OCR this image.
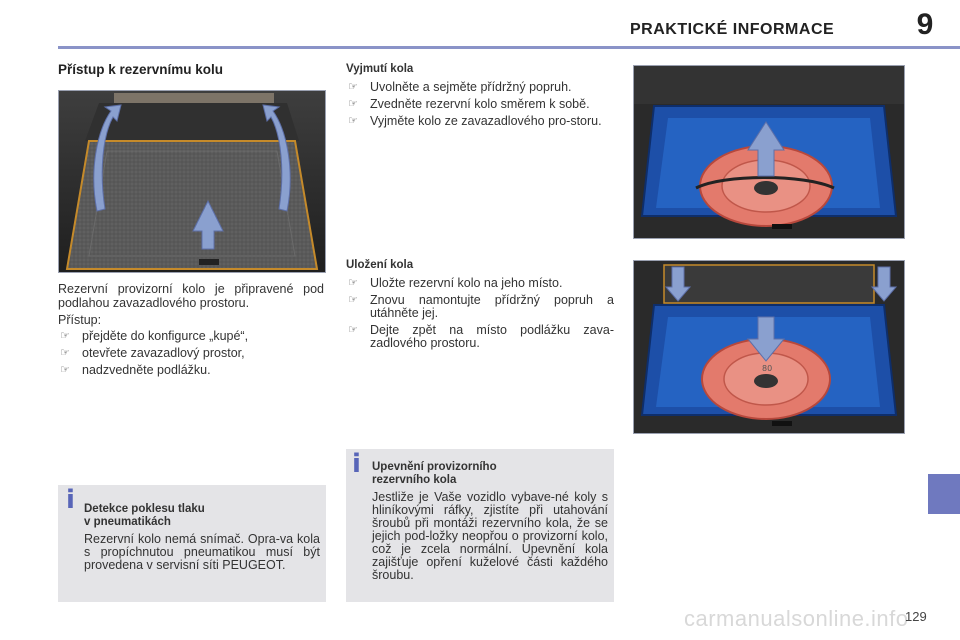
PRAKTICKÉ INFORMACE	9
Přístup k rezervnímu kolu

Rezervní provizorní kolo je připravené pod podlahou zavazadlového prostoru.

Přístup:

☞ přejděte do konfigurce „kupé“,
☞ otevřete zavazadlový prostor,
☞ nadzvedněte podlážku.
i Detekce poklesu tlaku
v pneumatikách

Rezervní kolo nemá snímač. Opra-va kola s propíchnutou pneumatikou musí být provedena v servisní síti PEUGEOT.

Vyjmutí kola
☞ Uvolněte a sejměte přídržný popruh.
☞ Zvedněte rezervní kolo směrem k sobě.
☞ Vyjměte kolo ze zavazadlového pro-storu.
Uložení kola
☞ Uložte rezervní kolo na jeho místo.
☞ Znovu namontujte přídržný popruh a utáhněte jej.
☞ Dejte zpět na místo podlážku zava-zadlového prostoru.
i Upevnění provizorního
rezervního kola

Jestliže je Vaše vozidlo vybave-né koly s hliníkovými ráfky, zjistíte při utahování šroubů při montáži rezervního kola, že se jejich pod-ložky neopřou o provizorní kolo, což je zcela normální. Upevnění kola zajišťuje opření kuželové části každého šroubu.

80
carmanualsonline.info
129
